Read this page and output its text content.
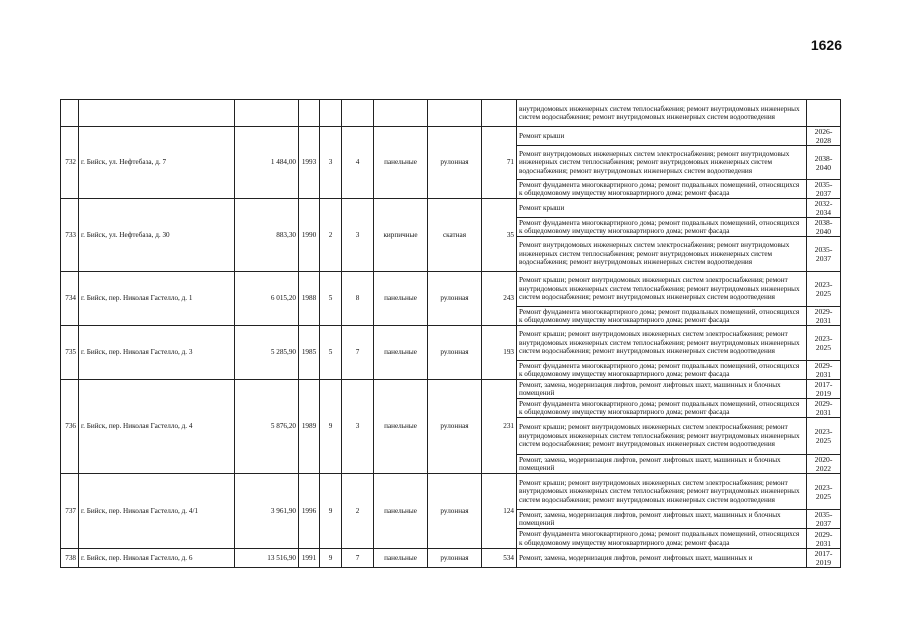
1626
									внутридомовых инженерных систем теплоснабжения; ремонт внутридомовых инженерных систем водоснабжения; ремонт внутридомовых инженерных систем водоотведения	
732	г. Бийск, ул. Нефтебаза, д. 7	1 484,00	1993	3	4	панельные	рулонная	71	Ремонт крыши	2026-2028
									Ремонт внутридомовых инженерных систем электроснабжения; ремонт внутридомовых инженерных систем теплоснабжения; ремонт внутридомовых инженерных систем водоснабжения; ремонт внутридомовых инженерных систем водоотведения	2038-2040
									Ремонт фундамента многоквартирного дома; ремонт подвальных помещений, относящихся к общедомовому имуществу многоквартирного дома; ремонт фасада	2035-2037
733	г. Бийск, ул. Нефтебаза, д. 30	883,30	1990	2	3	кирпичные	скатная	35	Ремонт крыши	2032-2034
									Ремонт фундамента многоквартирного дома; ремонт подвальных помещений, относящихся к общедомовому имуществу многоквартирного дома; ремонт фасада	2038-2040
									Ремонт внутридомовых инженерных систем электроснабжения; ремонт внутридомовых инженерных систем теплоснабжения; ремонт внутридомовых инженерных систем водоснабжения; ремонт внутридомовых инженерных систем водоотведения	2035-2037
734	г. Бийск, пер. Николая Гастелло, д. 1	6 015,20	1988	5	8	панельные	рулонная	243	Ремонт крыши; ремонт внутридомовых инженерных систем электроснабжения; ремонт внутридомовых инженерных систем теплоснабжения; ремонт внутридомовых инженерных систем водоснабжения; ремонт внутридомовых инженерных систем водоотведения	2023-2025
									Ремонт фундамента многоквартирного дома; ремонт подвальных помещений, относящихся к общедомовому имуществу многоквартирного дома; ремонт фасада	2029-2031
735	г. Бийск, пер. Николая Гастелло, д. 3	5 285,90	1985	5	7	панельные	рулонная	193	Ремонт крыши; ремонт внутридомовых инженерных систем электроснабжения; ремонт внутридомовых инженерных систем теплоснабжения; ремонт внутридомовых инженерных систем водоснабжения; ремонт внутридомовых инженерных систем водоотведения	2023-2025
									Ремонт фундамента многоквартирного дома; ремонт подвальных помещений, относящихся к общедомовому имуществу многоквартирного дома; ремонт фасада	2029-2031
736	г. Бийск, пер. Николая Гастелло, д. 4	5 876,20	1989	9	3	панельные	рулонная	231	Ремонт, замена, модернизация лифтов, ремонт лифтовых шахт, машинных и блочных помещений	2017-2019
									Ремонт фундамента многоквартирного дома; ремонт подвальных помещений, относящихся к общедомовому имуществу многоквартирного дома; ремонт фасада	2029-2031
									Ремонт крыши; ремонт внутридомовых инженерных систем электроснабжения; ремонт внутридомовых инженерных систем теплоснабжения; ремонт внутридомовых инженерных систем водоснабжения; ремонт внутридомовых инженерных систем водоотведения	2023-2025
									Ремонт, замена, модернизация лифтов, ремонт лифтовых шахт, машинных и блочных помещений	2020-2022
737	г. Бийск, пер. Николая Гастелло, д. 4/1	3 961,90	1996	9	2	панельные	рулонная	124	Ремонт крыши; ремонт внутридомовых инженерных систем электроснабжения; ремонт внутридомовых инженерных систем теплоснабжения; ремонт внутридомовых инженерных систем водоснабжения; ремонт внутридомовых инженерных систем водоотведения	2023-2025
									Ремонт, замена, модернизация лифтов, ремонт лифтовых шахт, машинных и блочных помещений	2035-2037
									Ремонт фундамента многоквартирного дома; ремонт подвальных помещений, относящихся к общедомовому имуществу многоквартирного дома; ремонт фасада	2029-2031
738	г. Бийск, пер. Николая Гастелло, д. 6	13 516,90	1991	9	7	панельные	рулонная	534	Ремонт, замена, модернизация лифтов, ремонт лифтовых шахт, машинных и	2017-2019
